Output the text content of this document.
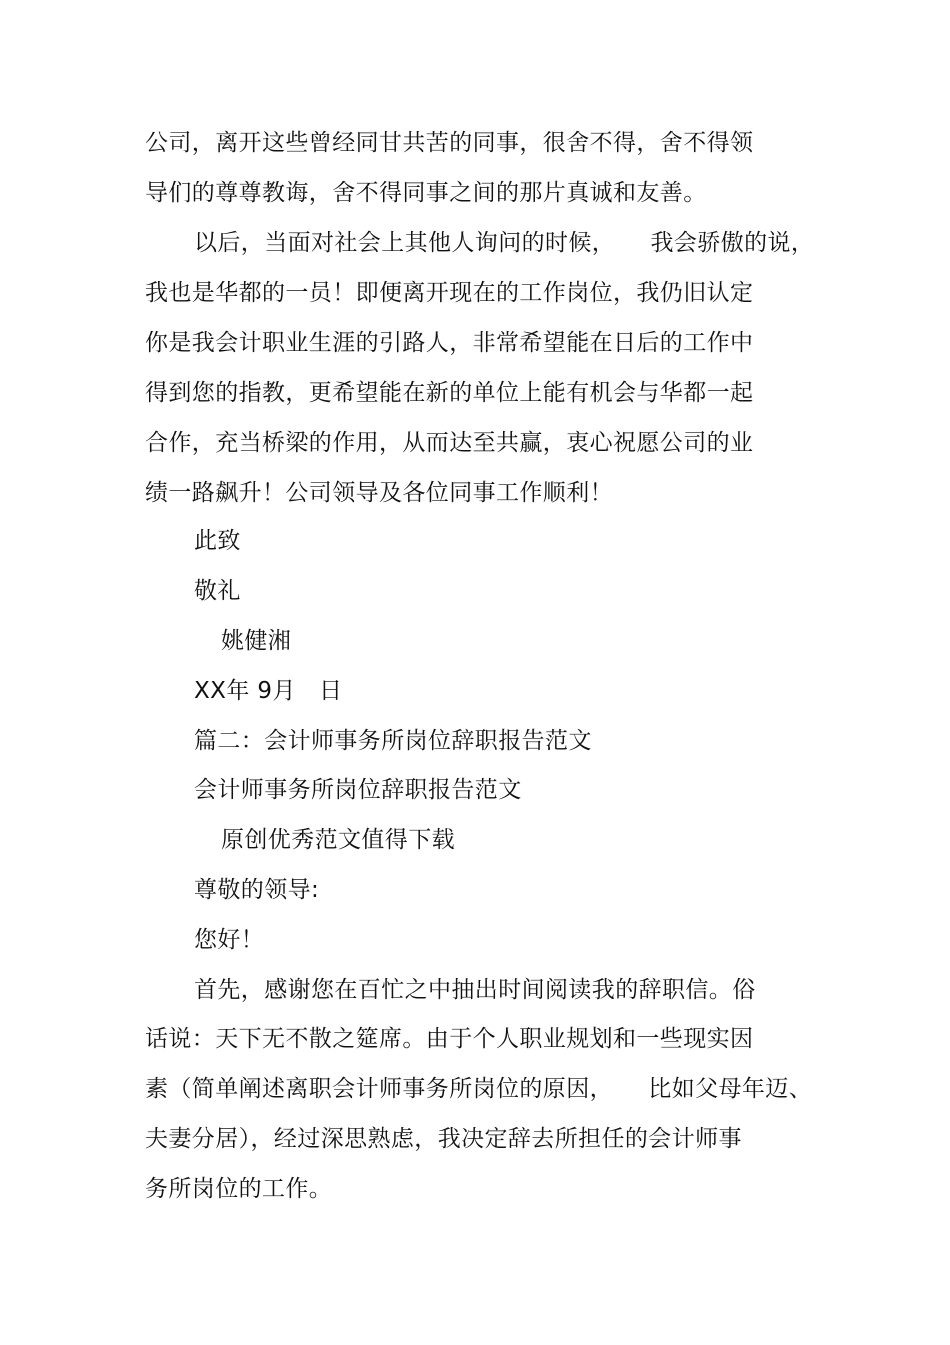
公司，离开这些曾经同甘共苦的同事，很舍不得，舍不得领
导们的尊尊教诲，舍不得同事之间的那片真诚和友善。
以后，当面对社会上其他人询问的时候，　　我会骄傲的说，
我也是华都的一员！即便离开现在的工作岗位，我仍旧认定
你是我会计职业生涯的引路人，非常希望能在日后的工作中
得到您的指教，更希望能在新的单位上能有机会与华都一起
合作，充当桥梁的作用，从而达至共赢，衷心祝愿公司的业
绩一路飙升！公司领导及各位同事工作顺利！
此致
敬礼
姚健湘
XX年 9月   日
篇二：会计师事务所岗位辞职报告范文
会计师事务所岗位辞职报告范文
原创优秀范文值得下载
尊敬的领导:
您好！
首先，感谢您在百忙之中抽出时间阅读我的辞职信。俗
话说：天下无不散之筵席。由于个人职业规划和一些现实因
素（简单阐述离职会计师事务所岗位的原因，　　比如父母年迈、
夫妻分居），经过深思熟虑，我决定辞去所担任的会计师事
务所岗位的工作。
